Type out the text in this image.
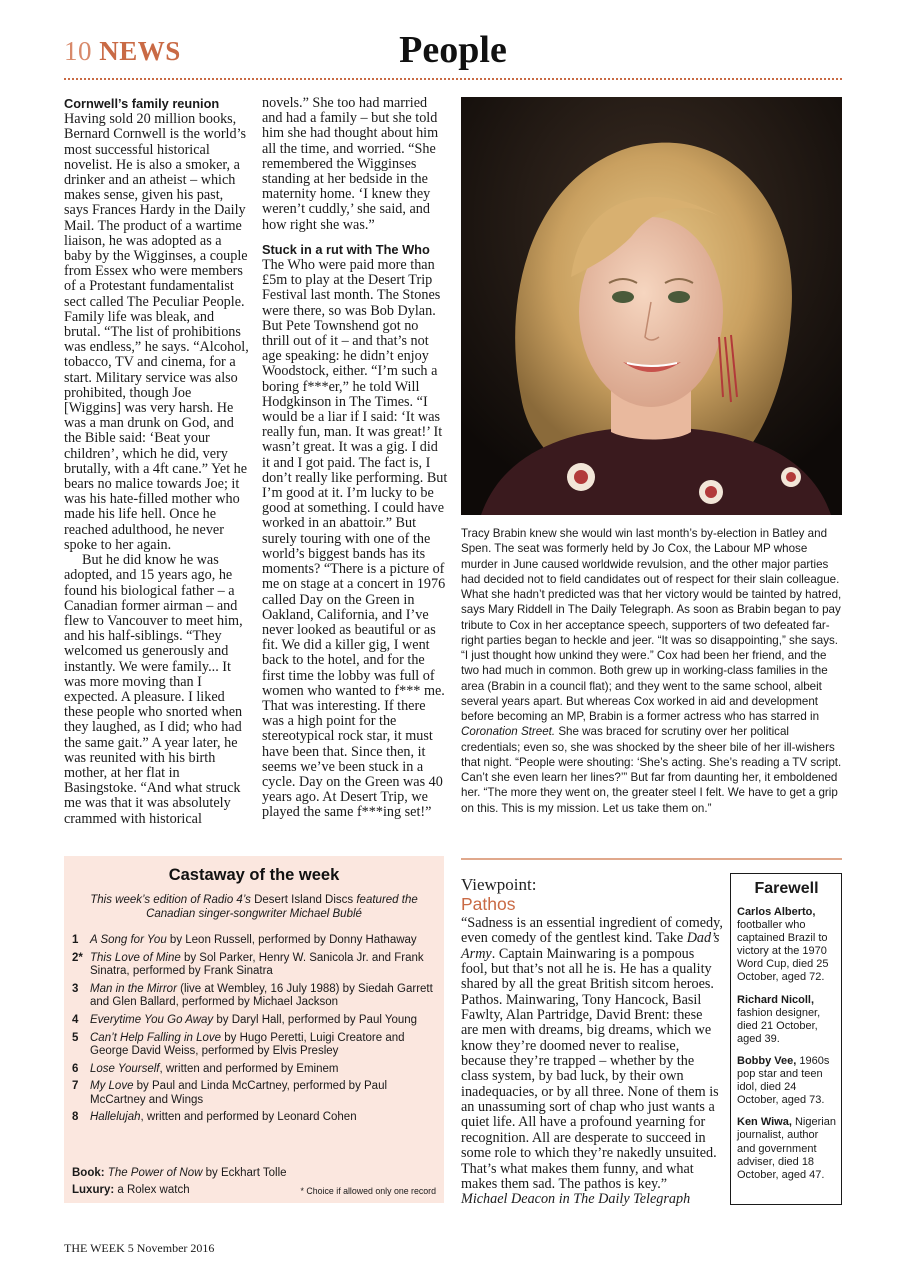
10 NEWS	People

Cornwell’s family reunion

Having sold 20 million books, Bernard Cornwell is the world’s most successful historical novelist. He is also a smoker, a drinker and an atheist – which makes sense, given his past, says Frances Hardy in the Daily Mail. The product of a wartime liaison, he was adopted as a baby by the Wigginses, a couple from Essex who were members of a Protestant fundamentalist sect called The Peculiar People. Family life was bleak, and brutal. “The list of prohibitions was endless,” he says. “Alcohol, tobacco, TV and cinema, for a start. Military service was also prohibited, though Joe [Wiggins] was very harsh. He was a man drunk on God, and the Bible said: ‘Beat your children’, which he did, very brutally, with a 4ft cane.” Yet he bears no malice towards Joe; it was his hate-filled mother who made his life hell. Once he reached adulthood, he never spoke to her again.

But he did know he was adopted, and 15 years ago, he found his biological father – a Canadian former airman – and flew to Vancouver to meet him, and his half-siblings. “They welcomed us generously and instantly. We were family... It was more moving than I expected. A pleasure. I liked these people who snorted when they laughed, as I did; who had the same gait.” A year later, he was reunited with his birth mother, at her flat in Basingstoke. “And what struck me was that it was absolutely crammed with historical

novels.” She too had married and had a family – but she told him she had thought about him all the time, and worried. “She remembered the Wigginses standing at her bedside in the maternity home. ‘I knew they weren’t cuddly,’ she said, and how right she was.”

Stuck in a rut with The Who

The Who were paid more than £5m to play at the Desert Trip Festival last month. The Stones were there, so was Bob Dylan. But Pete Townshend got no thrill out of it – and that’s not age speaking: he didn’t enjoy Woodstock, either. “I’m such a boring f***er,” he told Will Hodgkinson in The Times. “I would be a liar if I said: ‘It was really fun, man. It was great!’ It wasn’t great. It was a gig. I did it and I got paid. The fact is, I don’t really like performing. But I’m good at it. I’m lucky to be good at something. I could have worked in an abattoir.” But surely touring with one of the world’s biggest bands has its moments? “There is a picture of me on stage at a concert in 1976 called Day on the Green in Oakland, California, and I’ve never looked as beautiful or as fit. We did a killer gig, I went back to the hotel, and for the first time the lobby was full of women who wanted to f*** me. That was interesting. If there was a high point for the stereotypical rock star, it must have been that. Since then, it seems we’ve been stuck in a cycle. Day on the Green was 40 years ago. At Desert Trip, we played the same f***ing set!”

Tracy Brabin knew she would win last month’s by-election in Batley and Spen. The seat was formerly held by Jo Cox, the Labour MP whose murder in June caused worldwide revulsion, and the other major parties had decided not to field candidates out of respect for their slain colleague. What she hadn’t predicted was that her victory would be tainted by hatred, says Mary Riddell in The Daily Telegraph. As soon as Brabin began to pay tribute to Cox in her acceptance speech, supporters of two defeated far-right parties began to heckle and jeer. “It was so disappointing,” she says. “I just thought how unkind they were.” Cox had been her friend, and the two had much in common. Both grew up in working-class families in the area (Brabin in a council flat); and they went to the same school, albeit several years apart. But whereas Cox worked in aid and development before becoming an MP, Brabin is a former actress who has starred in Coronation Street. She was braced for scrutiny over her political credentials; even so, she was shocked by the sheer bile of her ill-wishers that night. “People were shouting: ‘She’s acting. She’s reading a TV script. Can’t she even learn her lines?’” But far from daunting her, it emboldened her. “The more they went on, the greater steel I felt. We have to get a grip on this. This is my mission. Let us take them on.”
Castaway of the week
This week’s edition of Radio 4’s Desert Island Discs featured the Canadian singer-songwriter Michael Bublé
1 A Song for You by Leon Russell, performed by Donny Hathaway
2* This Love of Mine by Sol Parker, Henry W. Sanicola Jr. and Frank Sinatra, performed by Frank Sinatra
3 Man in the Mirror (live at Wembley, 16 July 1988) by Siedah Garrett and Glen Ballard, performed by Michael Jackson
4 Everytime You Go Away by Daryl Hall, performed by Paul Young
5 Can’t Help Falling in Love by Hugo Peretti, Luigi Creatore and George David Weiss, performed by Elvis Presley
6 Lose Yourself, written and performed by Eminem
7 My Love by Paul and Linda McCartney, performed by Paul McCartney and Wings
8 Hallelujah, written and performed by Leonard Cohen
Book: The Power of Now by Eckhart Tolle
Luxury: a Rolex watch	* Choice if allowed only one record
Viewpoint:
Pathos

“Sadness is an essential ingredient of comedy, even comedy of the gentlest kind. Take Dad’s Army. Captain Mainwaring is a pompous fool, but that’s not all he is. He has a quality shared by all the great British sitcom heroes. Pathos. Mainwaring, Tony Hancock, Basil Fawlty, Alan Partridge, David Brent: these are men with dreams, big dreams, which we know they’re doomed never to realise, because they’re trapped – whether by the class system, by bad luck, by their own inadequacies, or by all three. None of them is an unassuming sort of chap who just wants a quiet life. All have a profound yearning for recognition. All are desperate to succeed in some role to which they’re nakedly unsuited. That’s what makes them funny, and what makes them sad. The pathos is key.”

Michael Deacon in The Daily Telegraph

Farewell
Carlos Alberto, footballer who captained Brazil to victory at the 1970 Word Cup, died 25 October, aged 72.
Richard Nicoll, fashion designer, died 21 October, aged 39.
Bobby Vee, 1960s pop star and teen idol, died 24 October, aged 73.
Ken Wiwa, Nigerian journalist, author and government adviser, died 18 October, aged 47.
THE WEEK 5 November 2016
